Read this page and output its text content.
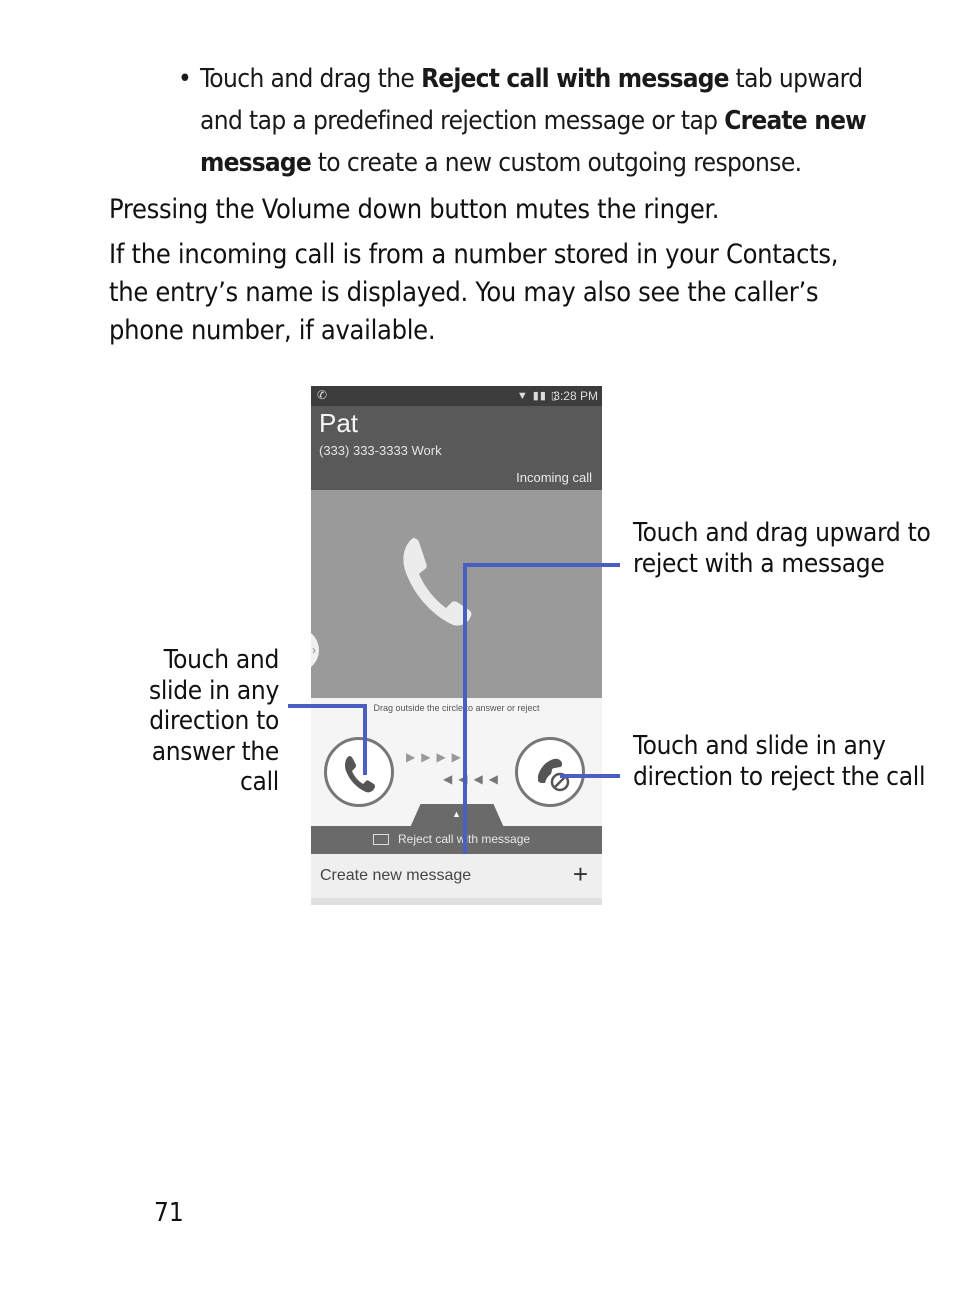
• Touch and drag the Reject call with message tab upward and tap a predefined rejection message or tap Create new message to create a new custom outgoing response.
Pressing the Volume down button mutes the ringer.
If the incoming call is from a number stored in your Contacts, the entry’s name is displayed. You may also see the caller’s phone number, if available.
✆	▼ ▮▮ ▯
3:28 PM
Pat
(333) 333-3333 Work
Incoming call
›
Drag outside the circle to answer or reject
▶▶▶▶
◀◀◀◀
▲
Reject call with message
Create new message	+
Touch and slide in any direction to answer the call
Touch and drag upward to reject with a message
Touch and slide in any direction to reject the call
71
